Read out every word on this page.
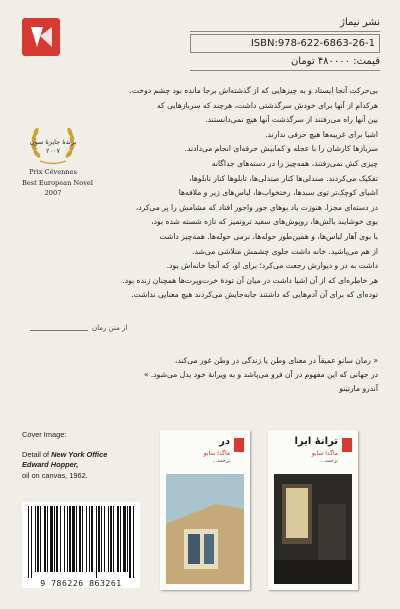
نشر نیماژ
ISBN:978-622-6863-26-1
قیمت: ۴۸۰۰۰۰ تومان
برندهٔ جایزهٔ سون ۲۰۰۷
Prix Cévennes
Best European Novel
2007

بی‌حرکت آنجا ایستاد و به چیزهایی که از گذشته‌اش برجا مانده بود چشم دوخت.

هرکدام از آنها برای خودش سرگذشتی داشت، هرچند که سربازهایی که

بین آنها راه می‌رفتند از سرگذشت آنها هیچ نمی‌دانستند.

اشیا برای غریبه‌ها هیچ حرفی ندارند.

سربازها کارشان را با عجله و کمابیش حرفه‌ای انجام می‌دادند.

چیزی کش نمی‌رفتند، همه‌چیز را در دسته‌های جداگانه

تفکیک می‌کردند. صندلی‌ها کنار صندلی‌ها، تابلوها کنار تابلوها،

اشیای کوچک‌تر توی سبدها، رختخواب‌ها، لباس‌های زیر و ملافه‌ها

در دسته‌ای مجزا. هنوزت یاد بوهای جور واجور افتاد که مشامش را پر می‌کرد،

بوی خوشایند بالش‌ها، روپوش‌های سفید تروتمیز که تازه شسته شده بود،

با بوی آهار لباس‌ها، و همین‌طور حوله‌ها، نرمی حوله‌ها. همه‌چیز داشت

از هم می‌پاشید. خانه داشت جلوی چشمش متلاشی می‌شد.

داشت به در و دیوارش رجعت می‌کرد؛ برای او، که آنجا خانه‌اش بود.

هر خاطره‌ای که از آن اشیا داشت در میان آن تودهٔ خرت‌وپرت‌ها همچنان زنده بود.

توده‌ای که برای آن آدم‌هایی که داشتند جابه‌جایش می‌کردند هیچ معنایی نداشت.

از متن رمان

« رمان سانو عمیقاً در معنای وطن یا زندگی در وطن غور می‌کند،

در جهانی که این مفهوم در آن فرو می‌پاشد و به ویرانهٔ خود بدل می‌شود. »

آندرو مارتینو

Cover Image:
Detail of New York Office
Edward Hopper,
oil on canvas, 1962.
9 786226 863261
در
ماگدا سابو
ترجمه...
ترانهٔ ایرا
ماگدا سابو
ترجمه...
